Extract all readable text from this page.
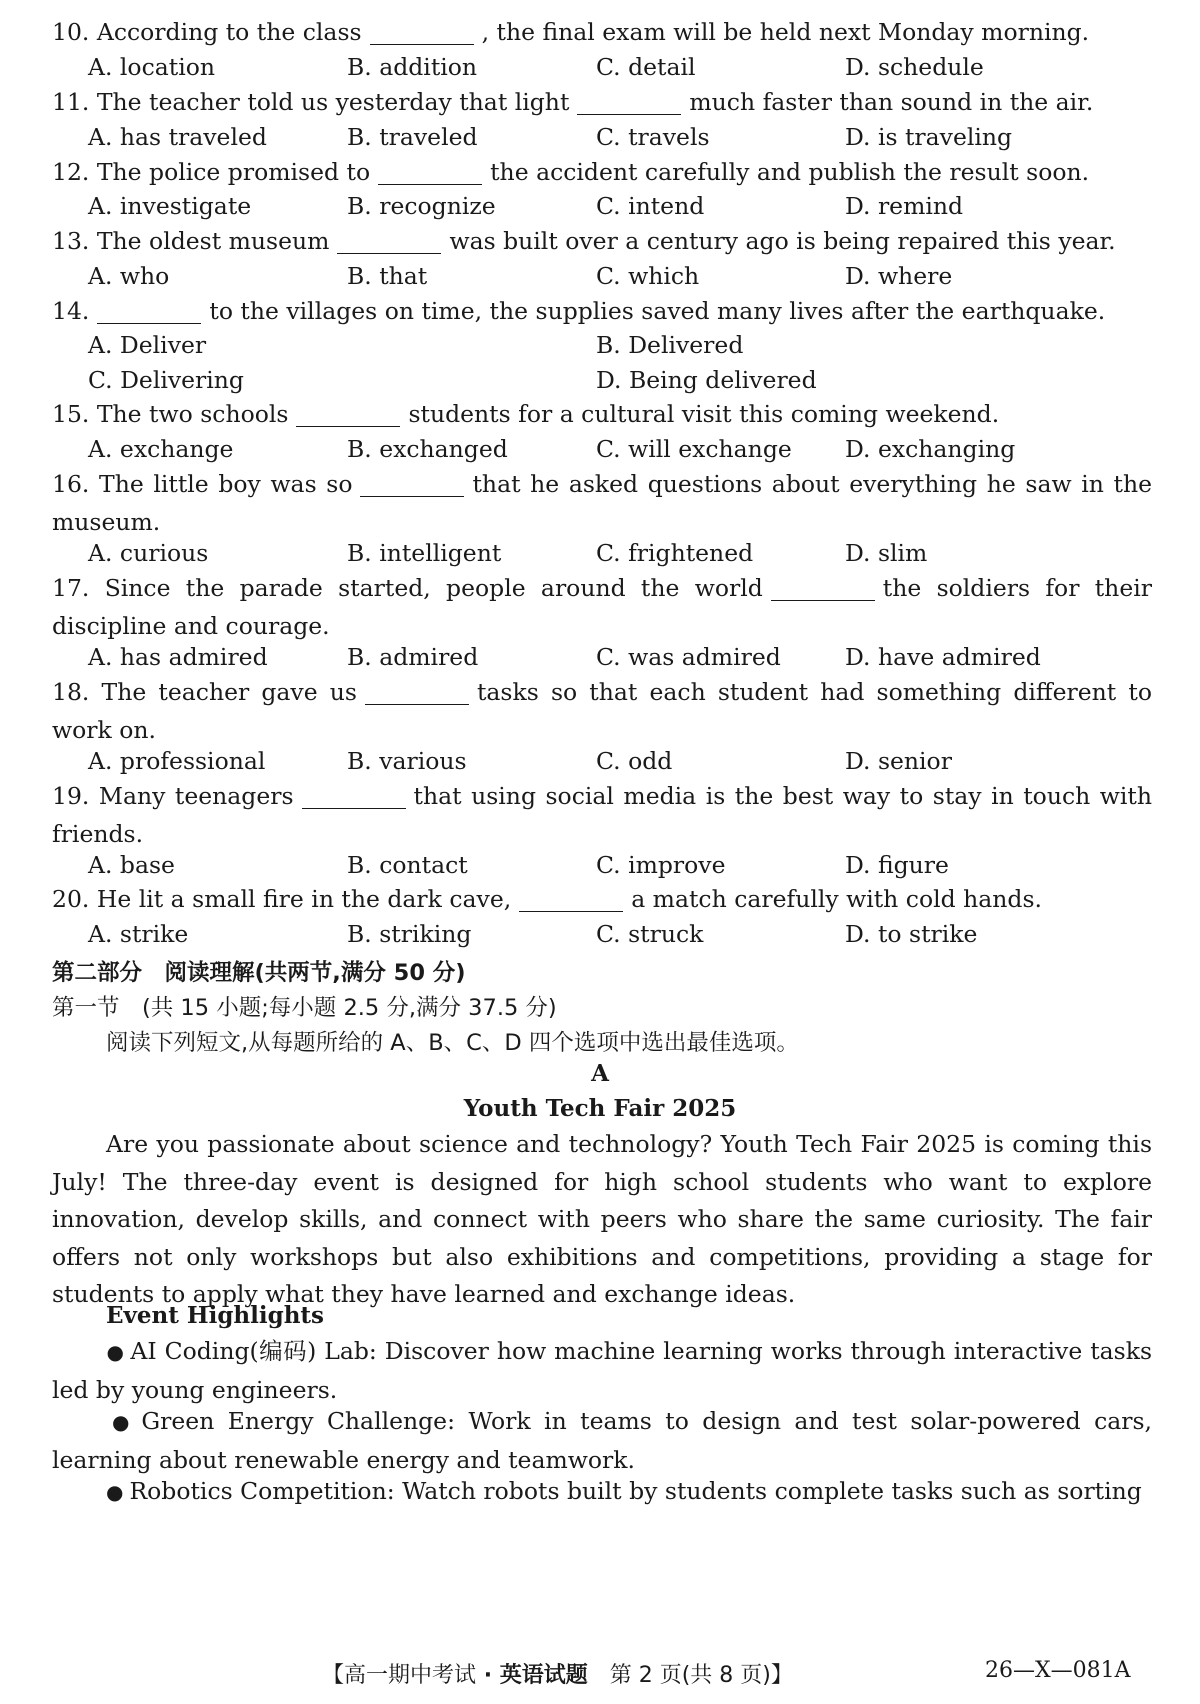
10. According to the class	, the final exam will be held next Monday morning.
A. location	B. addition	C. detail	D. schedule
11. The teacher told us yesterday that light	much faster than sound in the air.
A. has traveled	B. traveled	C. travels	D. is traveling
12. The police promised to	the accident carefully and publish the result soon.
A. investigate	B. recognize	C. intend	D. remind
13. The oldest museum	was built over a century ago is being repaired this year.
A. who	B. that	C. which	D. where
14.	to the villages on time, the supplies saved many lives after the earthquake.
A. Deliver	B. Delivered
C. Delivering	D. Being delivered
15. The two schools	students for a cultural visit this coming weekend.
A. exchange	B. exchanged	C. will exchange D. exchanging
16. The little boy was so	that he asked questions about everything he saw in the museum.
A. curious	B. intelligent	C. frightened	D. slim
17. Since the parade started, people around the world	the soldiers for their discipline and courage.
A. has admired	B. admired	C. was admired	D. have admired
18. The teacher gave us	tasks so that each student had something different to work on.
A. professional	B. various	C. odd	D. senior
19. Many teenagers	that using social media is the best way to stay in touch with friends.
A. base	B. contact	C. improve	D. figure
20. He lit a small fire in the dark cave,	a match carefully with cold hands.
A. strike	B. striking	C. struck	D. to strike
第二部分　阅读理解(共两节,满分 50 分)
第一节　(共 15 小题;每小题 2.5 分,满分 37.5 分)
阅读下列短文,从每题所给的 A、B、C、D 四个选项中选出最佳选项。
A
Youth Tech Fair 2025
Are you passionate about science and technology? Youth Tech Fair 2025 is coming this July! The three-day event is designed for high school students who want to explore innovation, develop skills, and connect with peers who share the same curiosity. The fair offers not only workshops but also exhibitions and competitions, providing a stage for students to apply what they have learned and exchange ideas.
Event Highlights
● AI Coding(编码) Lab: Discover how machine learning works through interactive tasks led by young engineers.
● Green Energy Challenge: Work in teams to design and test solar-powered cars, learning about renewable energy and teamwork.
● Robotics Competition: Watch robots built by students complete tasks such as sorting
【高一期中考试 · 英语试题　第 2 页(共 8 页)】	26—X—081A
